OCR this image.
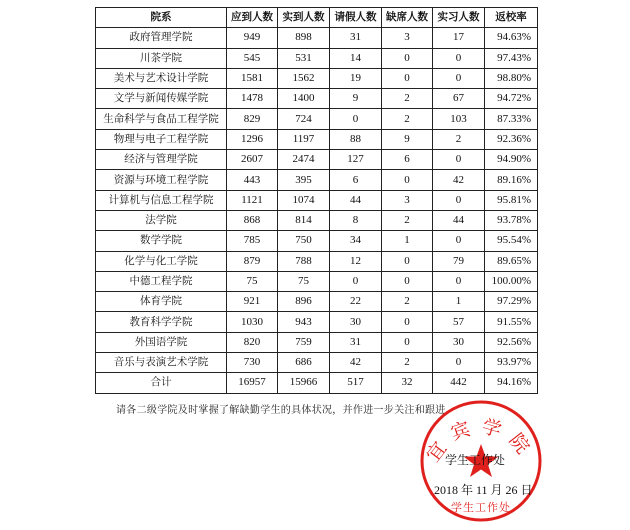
院系	应到人数	实到人数	请假人数	缺席人数	实习人数	返校率
政府管理学院	949	898	31	3	17	94.63%
川茶学院	545	531	14	0	0	97.43%
美术与艺术设计学院	1581	1562	19	0	0	98.80%
文学与新闻传媒学院	1478	1400	9	2	67	94.72%
生命科学与食品工程学院	829	724	0	2	103	87.33%
物理与电子工程学院	1296	1197	88	9	2	92.36%
经济与管理学院	2607	2474	127	6	0	94.90%
资源与环境工程学院	443	395	6	0	42	89.16%
计算机与信息工程学院	1121	1074	44	3	0	95.81%
法学院	868	814	8	2	44	93.78%
数学学院	785	750	34	1	0	95.54%
化学与化工学院	879	788	12	0	79	89.65%
中德工程学院	75	75	0	0	0	100.00%
体育学院	921	896	22	2	1	97.29%
教育科学学院	1030	943	30	0	57	91.55%
外国语学院	820	759	31	0	30	92.56%
音乐与表演艺术学院	730	686	42	2	0	93.97%
合计	16957	15966	517	32	442	94.16%
请各二级学院及时掌握了解缺勤学生的具体状况，并作进一步关注和跟进。
宜宾学院
学生工作处
学生工作处
2018 年 11 月 26 日
